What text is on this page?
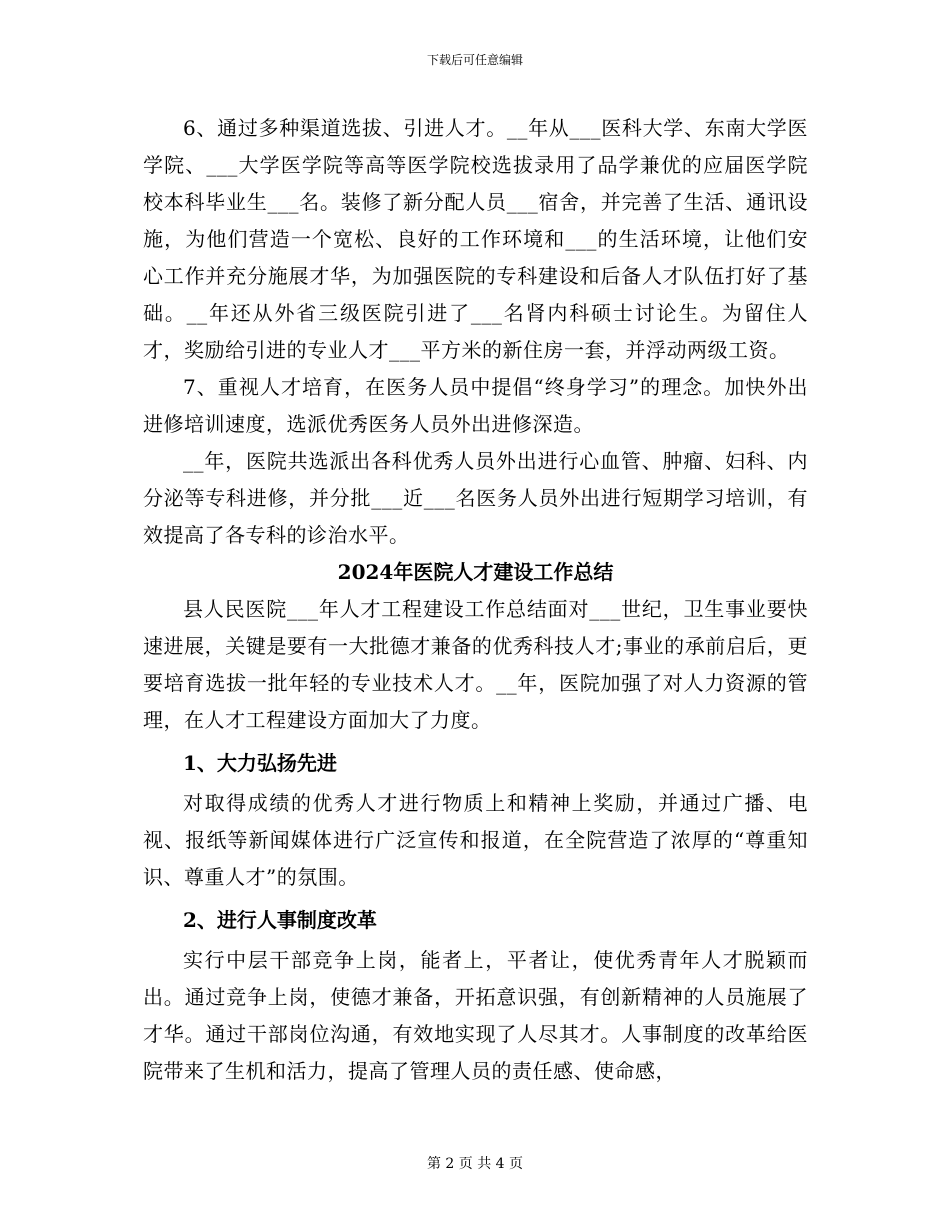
下载后可任意编辑

6、通过多种渠道选拔、引进人才。__年从___医科大学、东南大学医学院、___大学医学院等高等医学院校选拔录用了品学兼优的应届医学院校本科毕业生___名。装修了新分配人员___宿舍，并完善了生活、通讯设施，为他们营造一个宽松、良好的工作环境和___的生活环境，让他们安心工作并充分施展才华，为加强医院的专科建设和后备人才队伍打好了基础。__年还从外省三级医院引进了___名肾内科硕士讨论生。为留住人才，奖励给引进的专业人才___平方米的新住房一套，并浮动两级工资。

7、重视人才培育，在医务人员中提倡“终身学习”的理念。加快外出进修培训速度，选派优秀医务人员外出进修深造。

__年，医院共选派出各科优秀人员外出进行心血管、肿瘤、妇科、内分泌等专科进修，并分批___近___名医务人员外出进行短期学习培训，有效提高了各专科的诊治水平。

2024年医院人才建设工作总结

县人民医院___年人才工程建设工作总结面对___世纪，卫生事业要快速进展，关键是要有一大批德才兼备的优秀科技人才;事业的承前启后，更要培育选拔一批年轻的专业技术人才。__年，医院加强了对人力资源的管理，在人才工程建设方面加大了力度。

1、大力弘扬先进

对取得成绩的优秀人才进行物质上和精神上奖励，并通过广播、电视、报纸等新闻媒体进行广泛宣传和报道，在全院营造了浓厚的“尊重知识、尊重人才”的氛围。

2、进行人事制度改革

实行中层干部竞争上岗，能者上，平者让，使优秀青年人才脱颖而出。通过竞争上岗，使德才兼备，开拓意识强，有创新精神的人员施展了才华。通过干部岗位沟通，有效地实现了人尽其才。人事制度的改革给医院带来了生机和活力，提高了管理人员的责任感、使命感，

第 2 页 共 4 页
